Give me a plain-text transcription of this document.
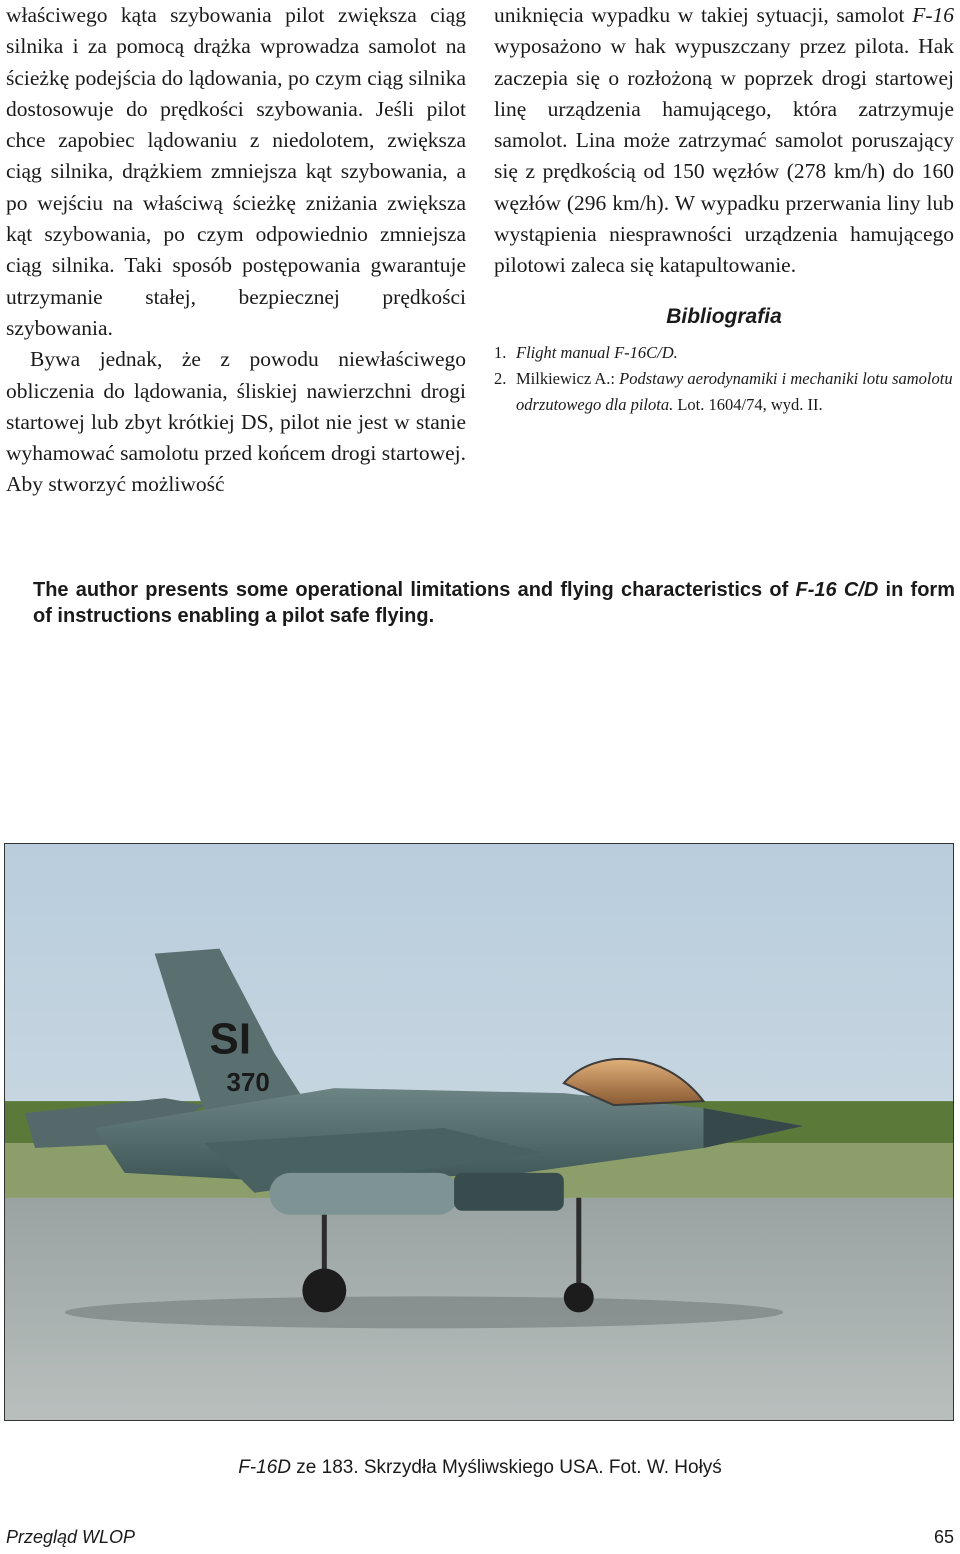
właściwego kąta szybowania pilot zwiększa ciąg silnika i za pomocą drążka wprowadza samolot na ścieżkę podejścia do lądowania, po czym ciąg silnika dostosowuje do prędkości szybowania. Jeśli pilot chce zapobiec lądowaniu z niedolotem, zwiększa ciąg silnika, drążkiem zmniejsza kąt szybowania, a po wejściu na właściwą ścieżkę zniżania zwiększa kąt szybowania, po czym odpowiednio zmniejsza ciąg silnika. Taki sposób postępowania gwarantuje utrzymanie stałej, bezpiecznej prędkości szybowania.

Bywa jednak, że z powodu niewłaściwego obliczenia do lądowania, śliskiej nawierzchni drogi startowej lub zbyt krótkiej DS, pilot nie jest w stanie wyhamować samolotu przed końcem drogi startowej. Aby stworzyć możliwość

uniknięcia wypadku w takiej sytuacji, samolot F-16 wyposażono w hak wypuszczany przez pilota. Hak zaczepia się o rozłożoną w poprzek drogi startowej linę urządzenia hamującego, która zatrzymuje samolot. Lina może zatrzymać samolot poruszający się z prędkością od 150 węzłów (278 km/h) do 160 węzłów (296 km/h). W wypadku przerwania liny lub wystąpienia niesprawności urządzenia hamującego pilotowi zaleca się katapultowanie.

Bibliografia
1. Flight manual F-16C/D.
2. Milkiewicz A.: Podstawy aerodynamiki i mechaniki lotu samolotu odrzutowego dla pilota. Lot. 1604/74, wyd. II.
The author presents some operational limitations and flying characteristics of F-16 C/D in form of instructions enabling a pilot safe flying.
SI
370
F-16D ze 183. Skrzydła Myśliwskiego USA. Fot. W. Hołyś
Przegląd WLOP	65
